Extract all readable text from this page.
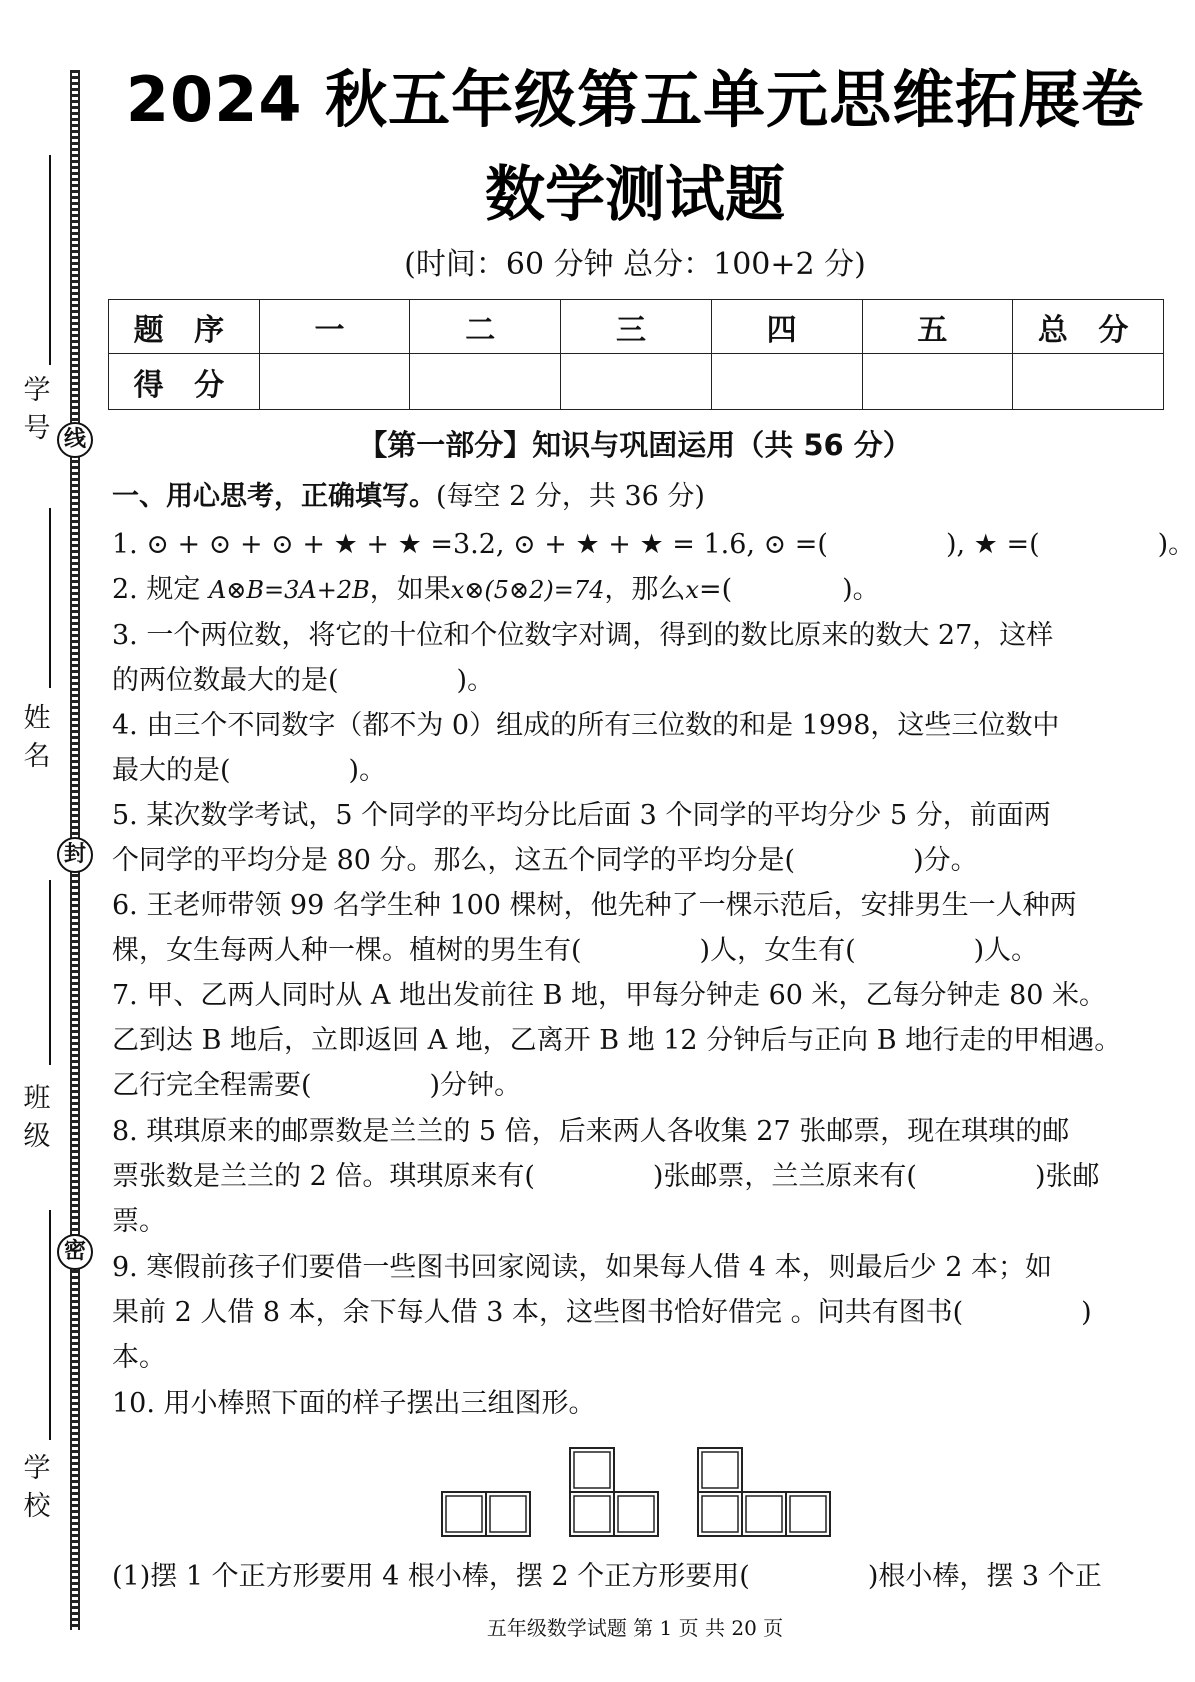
学
号 线
姓
名
封
班
级
密
学
校
2024 秋五年级第五单元思维拓展卷
数学测试题
(时间：60 分钟 总分：100+2 分)
题 序	一	二	三	四	五	总 分
得 分						
【第一部分】知识与巩固运用（共 56 分）
一、用心思考，正确填写。(每空 2 分，共 36 分)
1. ⊙ + ⊙ + ⊙ + ★ + ★ =3.2, ⊙ + ★ + ★ = 1.6, ⊙ =(	), ★ =(	)。
2. 规定 A⊗B=3A+2B，如果x⊗(5⊗2)=74，那么x=(	)。
3. 一个两位数，将它的十位和个位数字对调，得到的数比原来的数大 27，这样
的两位数最大的是(	)。
4. 由三个不同数字（都不为 0）组成的所有三位数的和是 1998，这些三位数中
最大的是(	)。
5. 某次数学考试，5 个同学的平均分比后面 3 个同学的平均分少 5 分，前面两
个同学的平均分是 80 分。那么，这五个同学的平均分是(	)分。
6. 王老师带领 99 名学生种 100 棵树，他先种了一棵示范后，安排男生一人种两
棵，女生每两人种一棵。植树的男生有(	)人，女生有(	)人。
7. 甲、乙两人同时从 A 地出发前往 B 地，甲每分钟走 60 米，乙每分钟走 80 米。
乙到达 B 地后，立即返回 A 地，乙离开 B 地 12 分钟后与正向 B 地行走的甲相遇。
乙行完全程需要(	)分钟。
8. 琪琪原来的邮票数是兰兰的 5 倍，后来两人各收集 27 张邮票，现在琪琪的邮
票张数是兰兰的 2 倍。琪琪原来有(	)张邮票，兰兰原来有(	)张邮
票。
9. 寒假前孩子们要借一些图书回家阅读，如果每人借 4 本，则最后少 2 本；如
果前 2 人借 8 本，余下每人借 3 本，这些图书恰好借完 。问共有图书(	)
本。
10. 用小棒照下面的样子摆出三组图形。
(1)摆 1 个正方形要用 4 根小棒，摆 2 个正方形要用(	)根小棒，摆 3 个正
五年级数学试题 第 1 页 共 20 页
